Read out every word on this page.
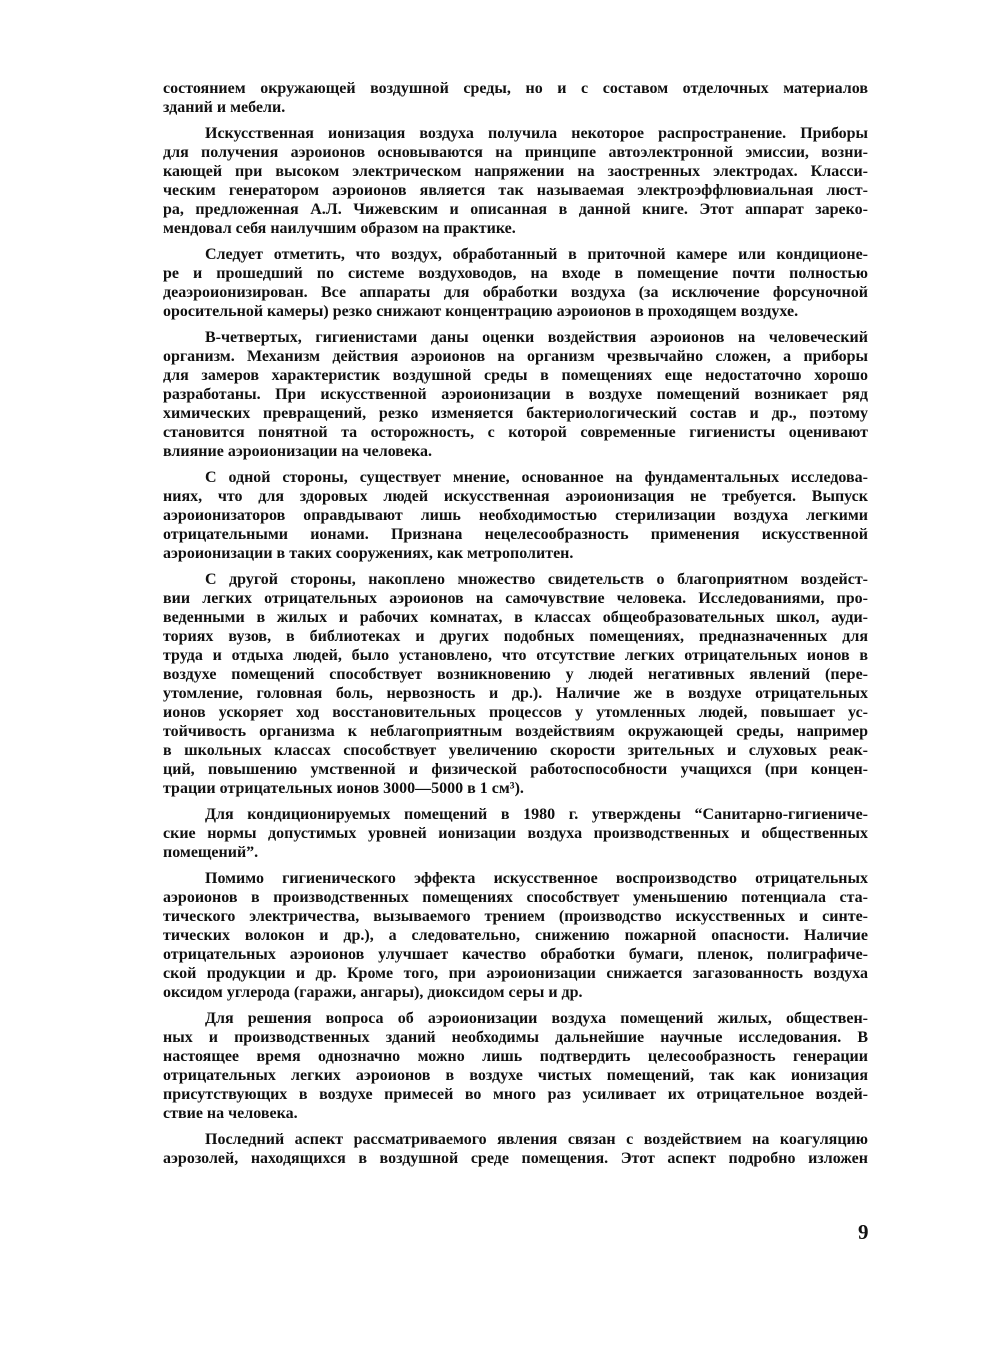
состоянием окружающей воздушной среды, но и с составом отделочных материалов
зданий и мебели.
Искусственная ионизация воздуха получила некоторое распространение. Приборы
для получения аэроионов основываются на принципе автоэлектронной эмиссии, возни-
кающей при высоком электрическом напряжении на заостренных электродах. Класси-
ческим генератором аэроионов является так называемая электроэффлювиальная люст-
ра, предложенная А.Л. Чижевским и описанная в данной книге. Этот аппарат зареко-
мендовал себя наилучшим образом на практике.
Следует отметить, что воздух, обработанный в приточной камере или кондиционе-
ре и прошедший по системе воздуховодов, на входе в помещение почти полностью
деаэроионизирован. Все аппараты для обработки воздуха (за исключение форсуночной
оросительной камеры) резко снижают концентрацию аэроионов в проходящем воздухе.
В-четвертых, гигиенистами даны оценки воздействия аэроионов на человеческий
организм. Механизм действия аэроионов на организм чрезвычайно сложен, а приборы
для замеров характеристик воздушной среды в помещениях еще недостаточно хорошо
разработаны. При искусственной аэроионизации в воздухе помещений возникает ряд
химических превращений, резко изменяется бактериологический состав и др., поэтому
становится понятной та осторожность, с которой современные гигиенисты оценивают
влияние аэроионизации на человека.
С одной стороны, существует мнение, основанное на фундаментальных исследова-
ниях, что для здоровых людей искусственная аэроионизация не требуется. Выпуск
аэроионизаторов оправдывают лишь необходимостью стерилизации воздуха легкими
отрицательными ионами. Признана нецелесообразность применения искусственной
аэроионизации в таких сооружениях, как метрополитен.
С другой стороны, накоплено множество свидетельств о благоприятном воздейст-
вии легких отрицательных аэроионов на самочувствие человека. Исследованиями, про-
веденными в жилых и рабочих комнатах, в классах общеобразовательных школ, ауди-
ториях вузов, в библиотеках и других подобных помещениях, предназначенных для
труда и отдыха людей, было установлено, что отсутствие легких отрицательных ионов в
воздухе помещений способствует возникновению у людей негативных явлений (пере-
утомление, головная боль, нервозность и др.). Наличие же в воздухе отрицательных
ионов ускоряет ход восстановительных процессов у утомленных людей, повышает ус-
тойчивость организма к неблагоприятным воздействиям окружающей среды, например
в школьных классах способствует увеличению скорости зрительных и слуховых реак-
ций, повышению умственной и физической работоспособности учащихся (при концен-
трации отрицательных ионов 3000—5000 в 1 см³).
Для кондиционируемых помещений в 1980 г. утверждены “Санитарно-гигиениче-
ские нормы допустимых уровней ионизации воздуха производственных и общественных
помещений”.
Помимо гигиенического эффекта искусственное воспроизводство отрицательных
аэроионов в производственных помещениях способствует уменьшению потенциала ста-
тического электричества, вызываемого трением (производство искусственных и синте-
тических волокон и др.), а следовательно, снижению пожарной опасности. Наличие
отрицательных аэроионов улучшает качество обработки бумаги, пленок, полиграфиче-
ской продукции и др. Кроме того, при аэроионизации снижается загазованность воздуха
оксидом углерода (гаражи, ангары), диоксидом серы и др.
Для решения вопроса об аэроионизации воздуха помещений жилых, обществен-
ных и производственных зданий необходимы дальнейшие научные исследования. В
настоящее время однозначно можно лишь подтвердить целесообразность генерации
отрицательных легких аэроионов в воздухе чистых помещений, так как ионизация
присутствующих в воздухе примесей во много раз усиливает их отрицательное воздей-
ствие на человека.
Последний аспект рассматриваемого явления связан с воздействием на коагуляцию
аэрозолей, находящихся в воздушной среде помещения. Этот аспект подробно изложен
9
